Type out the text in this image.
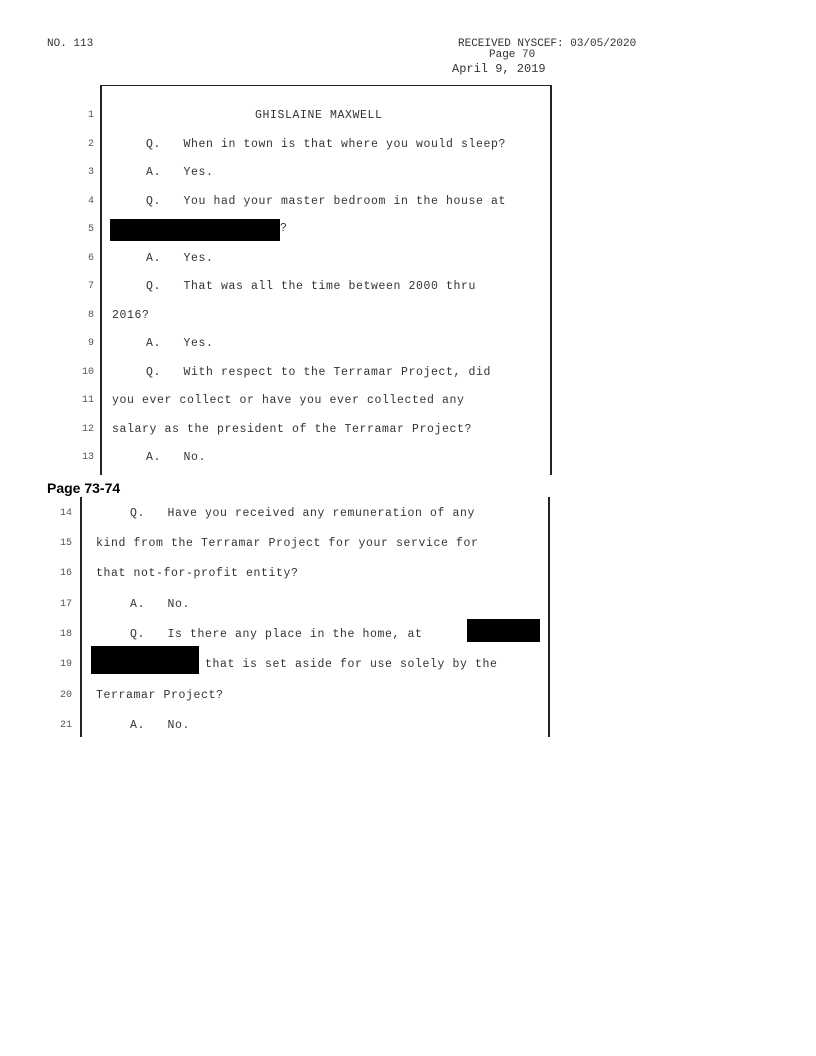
NO. 113	RECEIVED NYSCEF: 03/05/2020
Page 70
April 9, 2019
1	GHISLAINE MAXWELL
2	Q.   When in town is that where you would sleep?
3	A.   Yes.
4	Q.   You had your master bedroom in the house at
5	?
6	A.   Yes.
7	Q.   That was all the time between 2000 thru
8 2016?
9	A.   Yes.
10	Q.   With respect to the Terramar Project, did
11 you ever collect or have you ever collected any
12 salary as the president of the Terramar Project?
13	A.   No.
Page 73-74
14	Q.   Have you received any remuneration of any
15 kind from the Terramar Project for your service for
16 that not-for-profit entity?
17	A.   No.
18	Q.   Is there any place in the home, at
19	that is set aside for use solely by the
20 Terramar Project?
21	A.   No.
